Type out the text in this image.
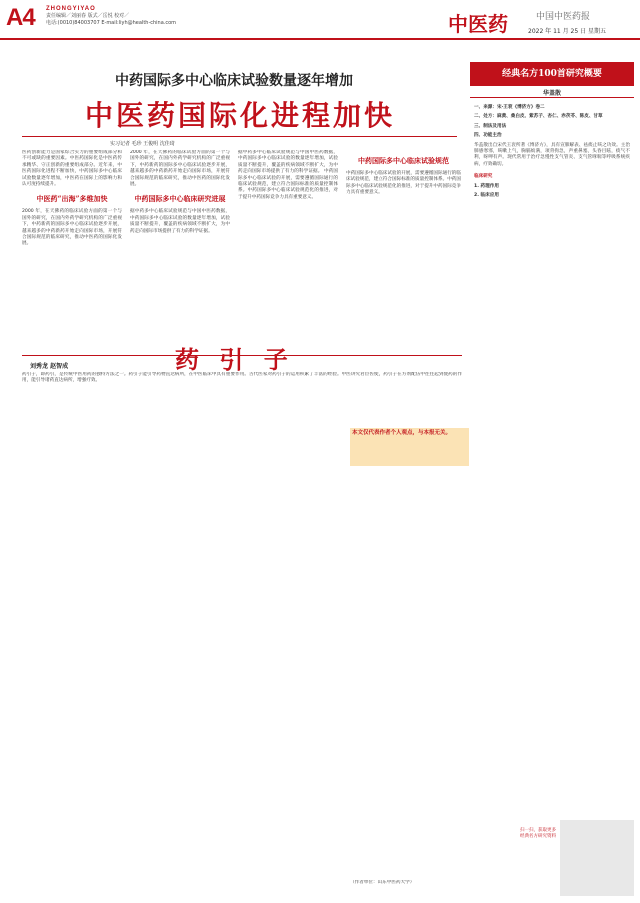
A4 ZHONGYIYAO
责任编辑／刘丽春 版式／岳悦 校对／
电话:(0010)84003707 E-mail:liyh@health-china.com	中医药	中国中医药报
2022 年 11 月 25 日 星期五
中药国际多中心临床试验数量逐年增加
中医药国际化进程加快
实习记者 毛珍 王俊明 沈佳琦
医药创新能力是国家综合实力的重要组成部分和不可或缺的重要因素。中医药国际化是中医药传承精华、守正创新的重要组成部分。近年来，中医药国际化进程不断加快，中药国际多中心临床试验数量逐年增加，中医药在国际上的影响力和认可度持续提升。
中医药“出海”多维加快
2000 年，在天佛药的临床试验方面的第一个与国外的研究，在国内外药学研究机构的广泛重视下，中药新药的国际多中心临床试验逐步开展，越来越多的中药新药开始走向国际市场，开展符合国际规范的临床研究，推动中医药的国际化发展。
2000 年，在天佛药的临床试验方面的第一个与国外的研究，在国内外药学研究机构的广泛重视下，中药新药的国际多中心临床试验逐步开展，越来越多的中药新药开始走向国际市场，开展符合国际规范的临床研究，推动中医药的国际化发展。
中药国际多中心临床研究进展
据中药多中心临床试验规范与中国中医药数据，中药国际多中心临床试验的数量逐年增加，试验质量不断提升，覆盖的疾病领域不断扩大，为中药走向国际市场提供了有力的科学证据。
据中药多中心临床试验规范与中国中医药数据，中药国际多中心临床试验的数量逐年增加，试验质量不断提升，覆盖的疾病领域不断扩大，为中药走向国际市场提供了有力的科学证据。 中药国际多中心临床试验的开展，需要遵循国际通行的临床试验规范，建立符合国际标准的质量控制体系。中药国际多中心临床试验规范化的推进，对于提升中药国际竞争力具有重要意义。
中药国际多中心临床试验规范
中药国际多中心临床试验的开展，需要遵循国际通行的临床试验规范，建立符合国际标准的质量控制体系。中药国际多中心临床试验规范化的推进，对于提升中药国际竞争力具有重要意义。
刘秀龙 赵智成	药 引 子
药引子，即药引，是传统中医用药的独特方法之一。药引子能引导药物直达病所，在中医临床中具有重要作用。古代医家对药引子的运用积累了丰富的经验。中医讲究君臣佐使，药引子在方剂配伍中往往起到使药的作用，能引导诸药直达病所，增强疗效。
本文仅代表作者个人观点，与本报无关。
（作者单位：山东中医药大学）
经典名方100首研究概要
华盖散
一、来源：宋·王衮《博济方》卷二
二、处方：麻黄、桑白皮、紫苏子、杏仁、赤茯苓、陈皮、甘草
三、制法及用法
四、功能主治
华盖散出自宋代王衮所著《博济方》，具有宣肺解表、祛痰止咳之功效。主治肺感寒邪，咳嗽上气，胸膈烦满，项背拘急，声重鼻塞，头昏目眩，痰气不利，呀呷有声。现代常用于治疗急慢性支气管炎、支气管哮喘等呼吸系统疾病，疗效确切。
临床研究
1. 药理作用
2. 临床应用
扫一扫，获取更多经典名方研究资料
